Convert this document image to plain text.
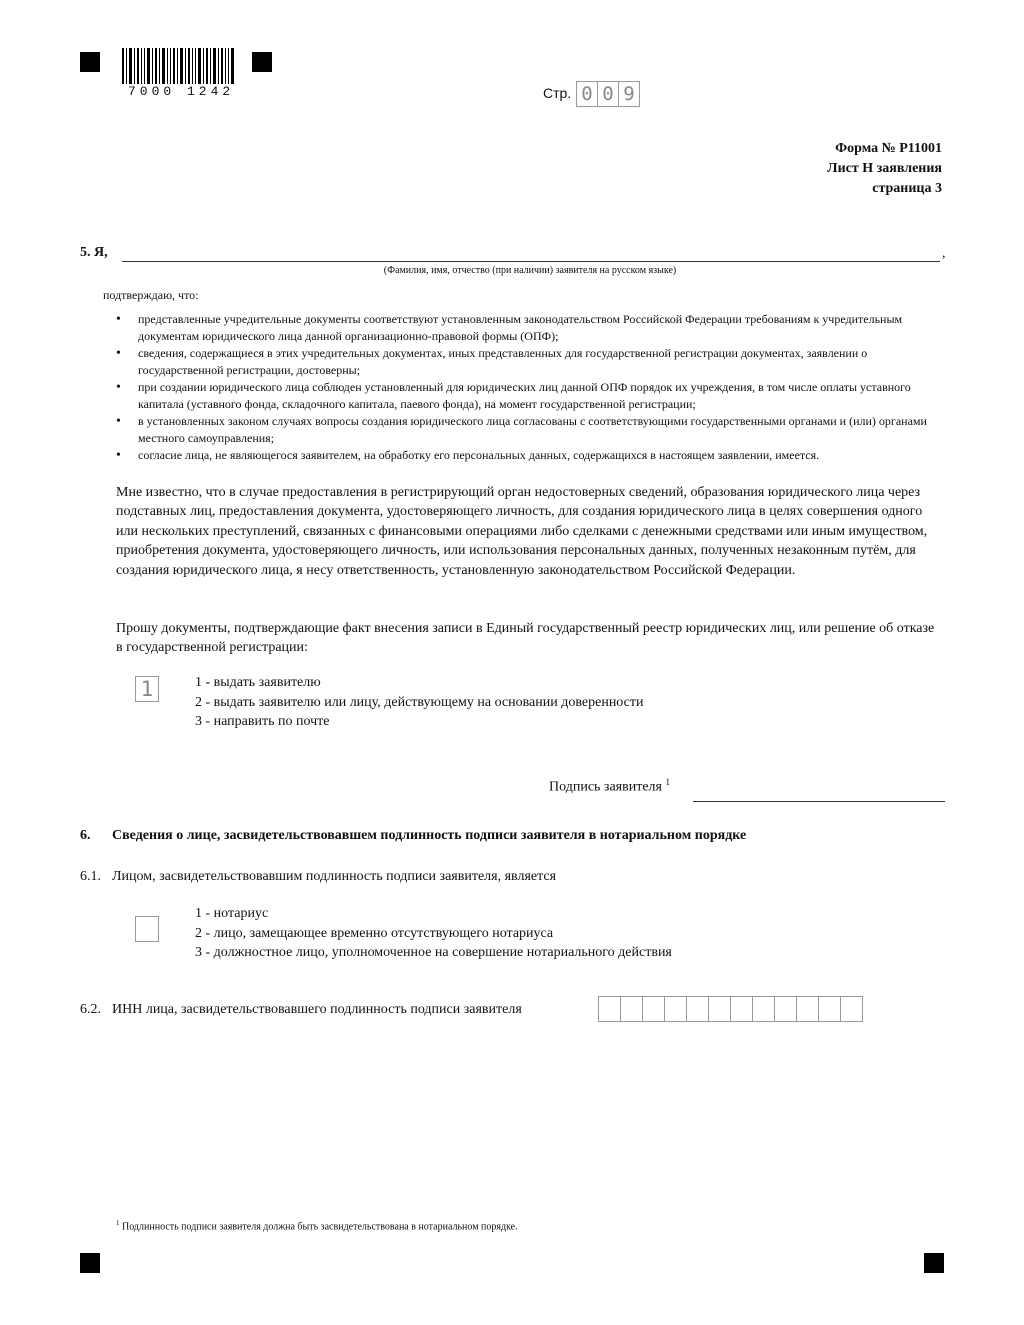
7000 1242	Стр. 0 0 9
Форма № Р11001
Лист Н заявления
страница 3
5. Я,	,
(Фамилия, имя, отчество (при наличии) заявителя на русском языке)
подтверждаю, что:
• представленные учредительные документы соответствуют установленным законодательством Российской Федерации требованиям к учредительным документам юридического лица данной организационно-правовой формы (ОПФ);
• сведения, содержащиеся в этих учредительных документах, иных представленных для государственной регистрации документах, заявлении о государственной регистрации, достоверны;
• при создании юридического лица соблюден установленный для юридических лиц данной ОПФ порядок их учреждения, в том числе оплаты уставного капитала (уставного фонда, складочного капитала, паевого фонда), на момент государственной регистрации;
• в установленных законом случаях вопросы создания юридического лица согласованы с соответствующими государственными органами и (или) органами местного самоуправления;
• согласие лица, не являющегося заявителем, на обработку его персональных данных, содержащихся в настоящем заявлении, имеется.
Мне известно, что в случае предоставления в регистрирующий орган недостоверных сведений, образования юридического лица через подставных лиц, предоставления документа, удостоверяющего личность, для создания юридического лица в целях совершения одного или нескольких преступлений, связанных с финансовыми операциями либо сделками с денежными средствами или иным имуществом, приобретения документа, удостоверяющего личность, или использования персональных данных, полученных незаконным путём, для создания юридического лица, я несу ответственность, установленную законодательством Российской Федерации.
Прошу документы, подтверждающие факт внесения записи в Единый государственный реестр юридических лиц, или решение об отказе в государственной регистрации:
1	1 - выдать заявителю
2 - выдать заявителю или лицу, действующему на основании доверенности
3 - направить по почте
Подпись заявителя $^1$
6. Сведения о лице, засвидетельствовавшем подлинность подписи заявителя в нотариальном порядке
6.1. Лицом, засвидетельствовавшим подлинность подписи заявителя, является
1 - нотариус
2 - лицо, замещающее временно отсутствующего нотариуса
3 - должностное лицо, уполномоченное на совершение нотариального действия
6.2. ИНН лица, засвидетельствовавшего подлинность подписи заявителя
$^1$ Подлинность подписи заявителя должна быть засвидетельствована в нотариальном порядке.
